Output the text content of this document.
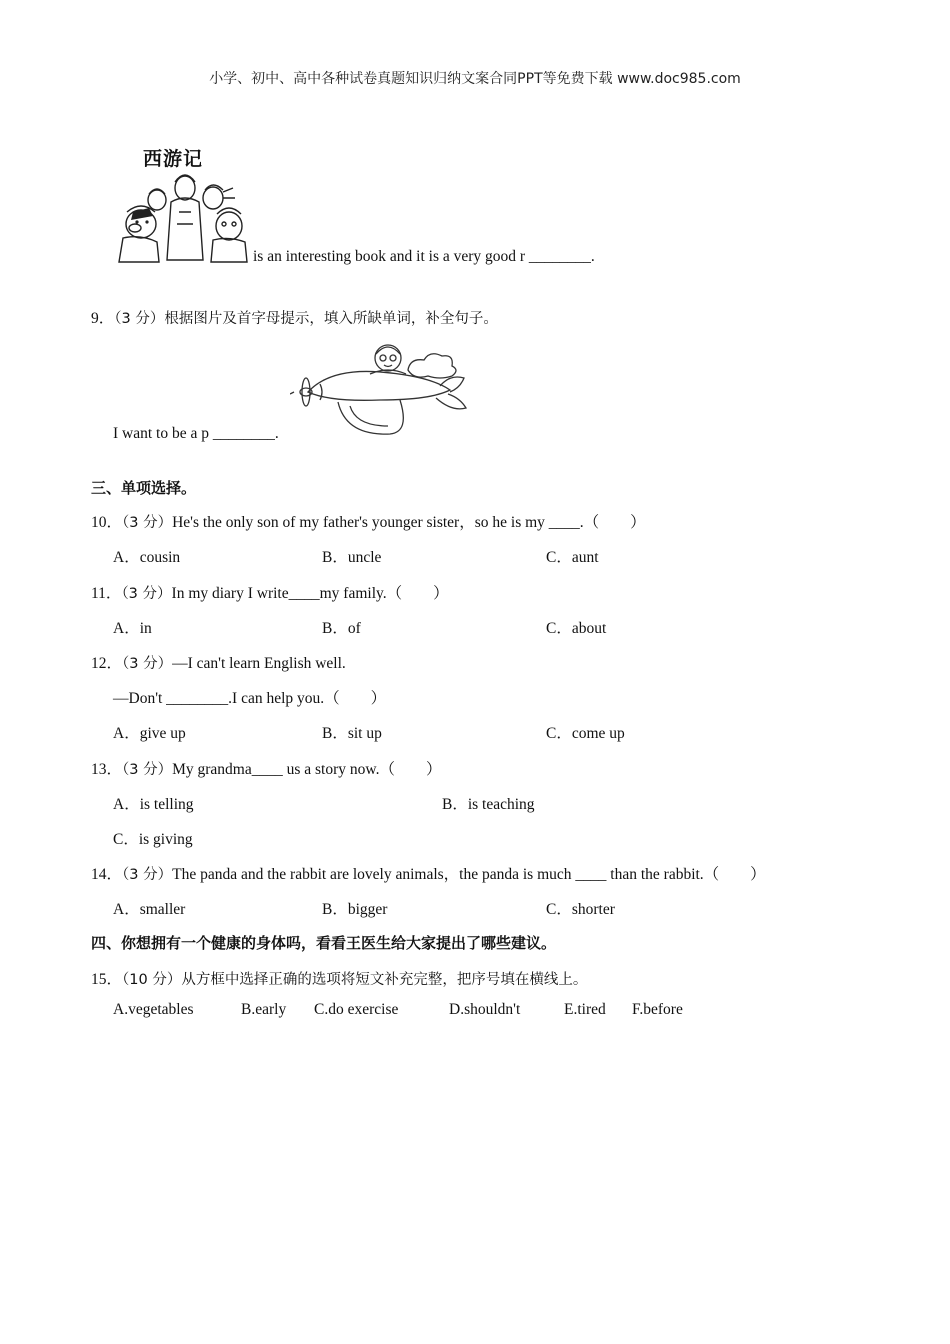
小学、初中、高中各种试卷真题知识归纳文案合同PPT等免费下载 www.doc985.com
西游记
is an interesting book and it is a very good r ________.
9．（3 分）根据图片及首字母提示，填入所缺单词，补全句子。
I want to be a p ________.
三、单项选择。
10．（3 分）He's the only son of my father's younger sister，so he is my ____.（　　）
A．cousin	B．uncle	C．aunt
11．（3 分）In my diary I write____my family.（　　）
A．in	B．of	C．about
12．（3 分）—I can't learn English well.
—Don't ________.I can help you.（　　）
A．give up	B．sit up	C．come up
13．（3 分）My grandma____ us a story now.（　　）
A．is telling	B．is teaching
C．is giving
14．（3 分）The panda and the rabbit are lovely animals，the panda is much ____ than the rabbit.（　　）
A．smaller	B．bigger	C．shorter
四、你想拥有一个健康的身体吗，看看王医生给大家提出了哪些建议。
15．（10 分）从方框中选择正确的选项将短文补充完整，把序号填在横线上。
A.vegetables	B.early C.do exercise	D.shouldn't	E.tired F.before
